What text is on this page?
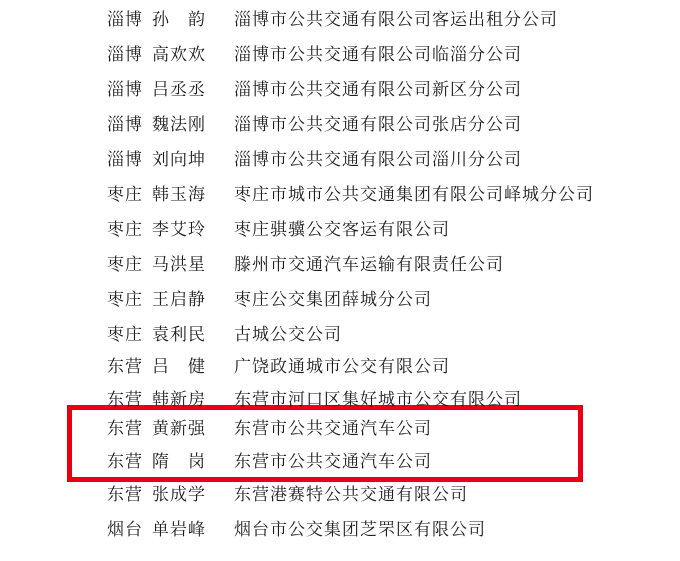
淄博 孙韵 淄博市公共交通有限公司客运出租分公司
淄博 高欢欢 淄博市公共交通有限公司临淄分公司
淄博 吕丞丞 淄博市公共交通有限公司新区分公司
淄博 魏法刚 淄博市公共交通有限公司张店分公司
淄博 刘向坤 淄博市公共交通有限公司淄川分公司
枣庄 韩玉海 枣庄市城市公共交通集团有限公司峄城分公司
枣庄 李艾玲 枣庄骐骥公交客运有限公司
枣庄 马洪星 滕州市交通汽车运输有限责任公司
枣庄 王启静 枣庄公交集团薛城分公司
枣庄 袁利民 古城公交公司
东营 吕健 广饶政通城市公交有限公司
东营 韩新房 东营市河口区集好城市公交有限公司
东营 黄新强 东营市公共交通汽车公司
东营 隋岗 东营市公共交通汽车公司
东营 张成学 东营港赛特公共交通有限公司
烟台 单岩峰 烟台市公交集团芝罘区有限公司
